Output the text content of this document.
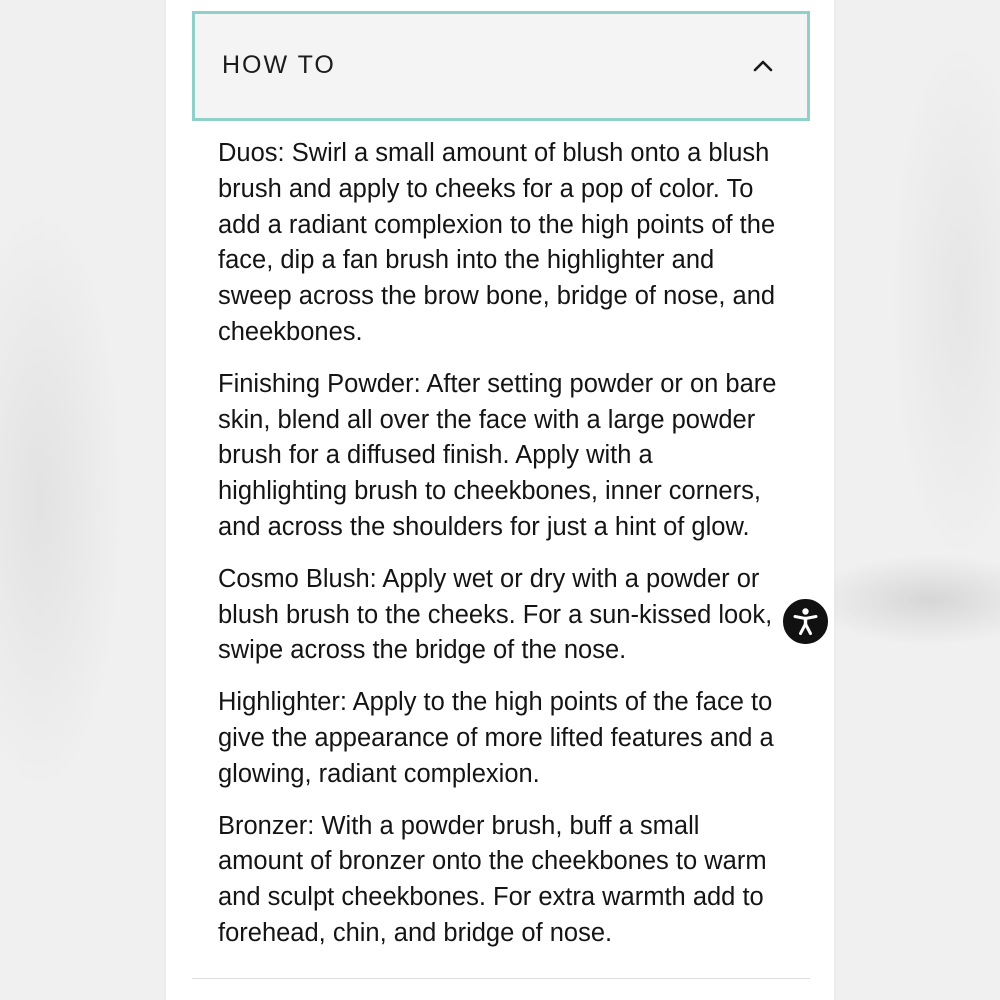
HOW TO

Duos: Swirl a small amount of blush onto a blush brush and apply to cheeks for a pop of color. To add a radiant complexion to the high points of the face, dip a fan brush into the highlighter and sweep across the brow bone, bridge of nose, and cheekbones.

Finishing Powder: After setting powder or on bare skin, blend all over the face with a large powder brush for a diffused finish. Apply with a highlighting brush to cheekbones, inner corners, and across the shoulders for just a hint of glow.

Cosmo Blush: Apply wet or dry with a powder or blush brush to the cheeks. For a sun-kissed look, swipe across the bridge of the nose.

Highlighter: Apply to the high points of the face to give the appearance of more lifted features and a glowing, radiant complexion.

Bronzer: With a powder brush, buff a small amount of bronzer onto the cheekbones to warm and sculpt cheekbones. For extra warmth add to forehead, chin, and bridge of nose.
